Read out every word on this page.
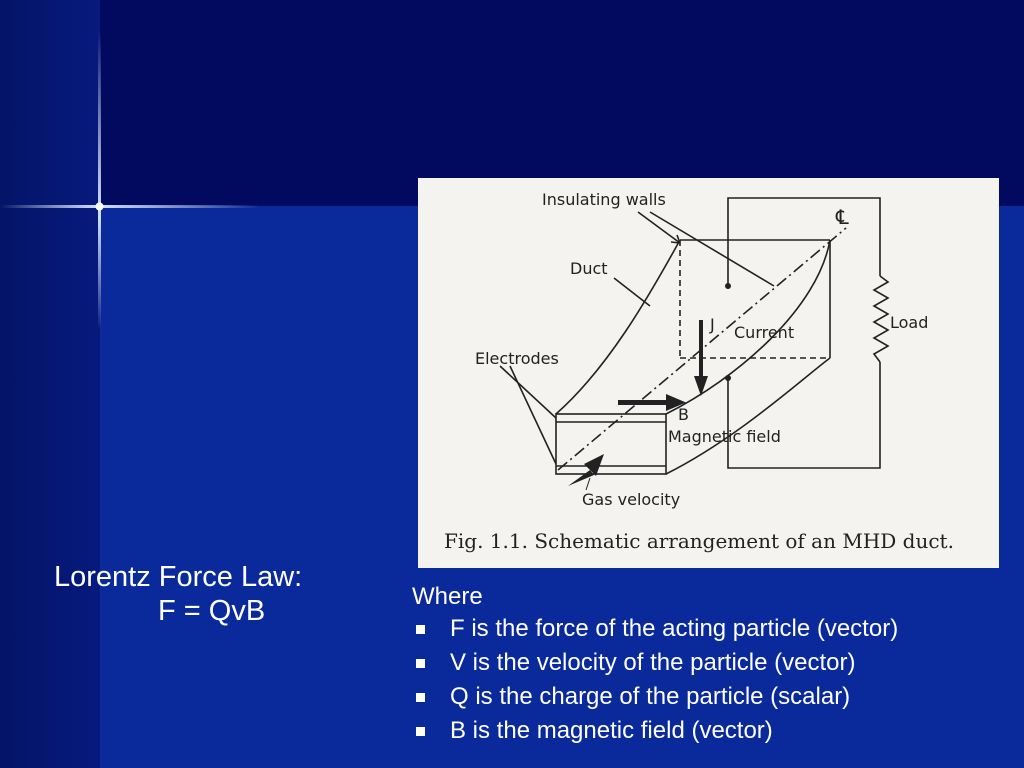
Insulating walls
Duct
Electrodes
℄
J Current
Load
B
Magnetic field
Gas velocity
Fig. 1.1. Schematic arrangement of an MHD duct.
Lorentz Force Law:
F = QvB	Where
F is the force of the acting particle (vector)
V is the velocity of the particle (vector)
Q is the charge of the particle (scalar)
B is the magnetic field (vector)
